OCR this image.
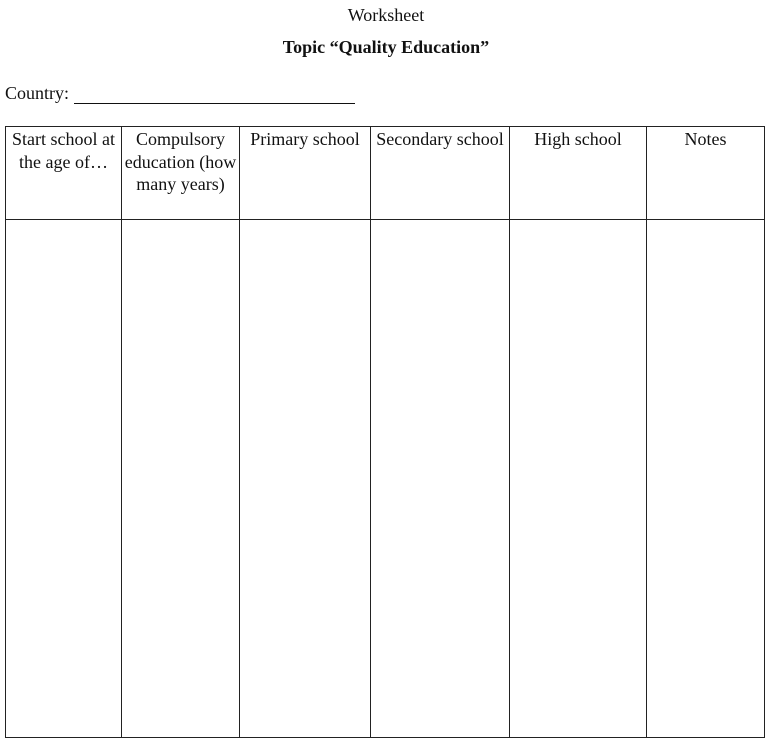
Worksheet
Topic “Quality Education”
Country:
Start school at the age of…	Compulsory education (how many years)	Primary school	Secondary school	High school	Notes
